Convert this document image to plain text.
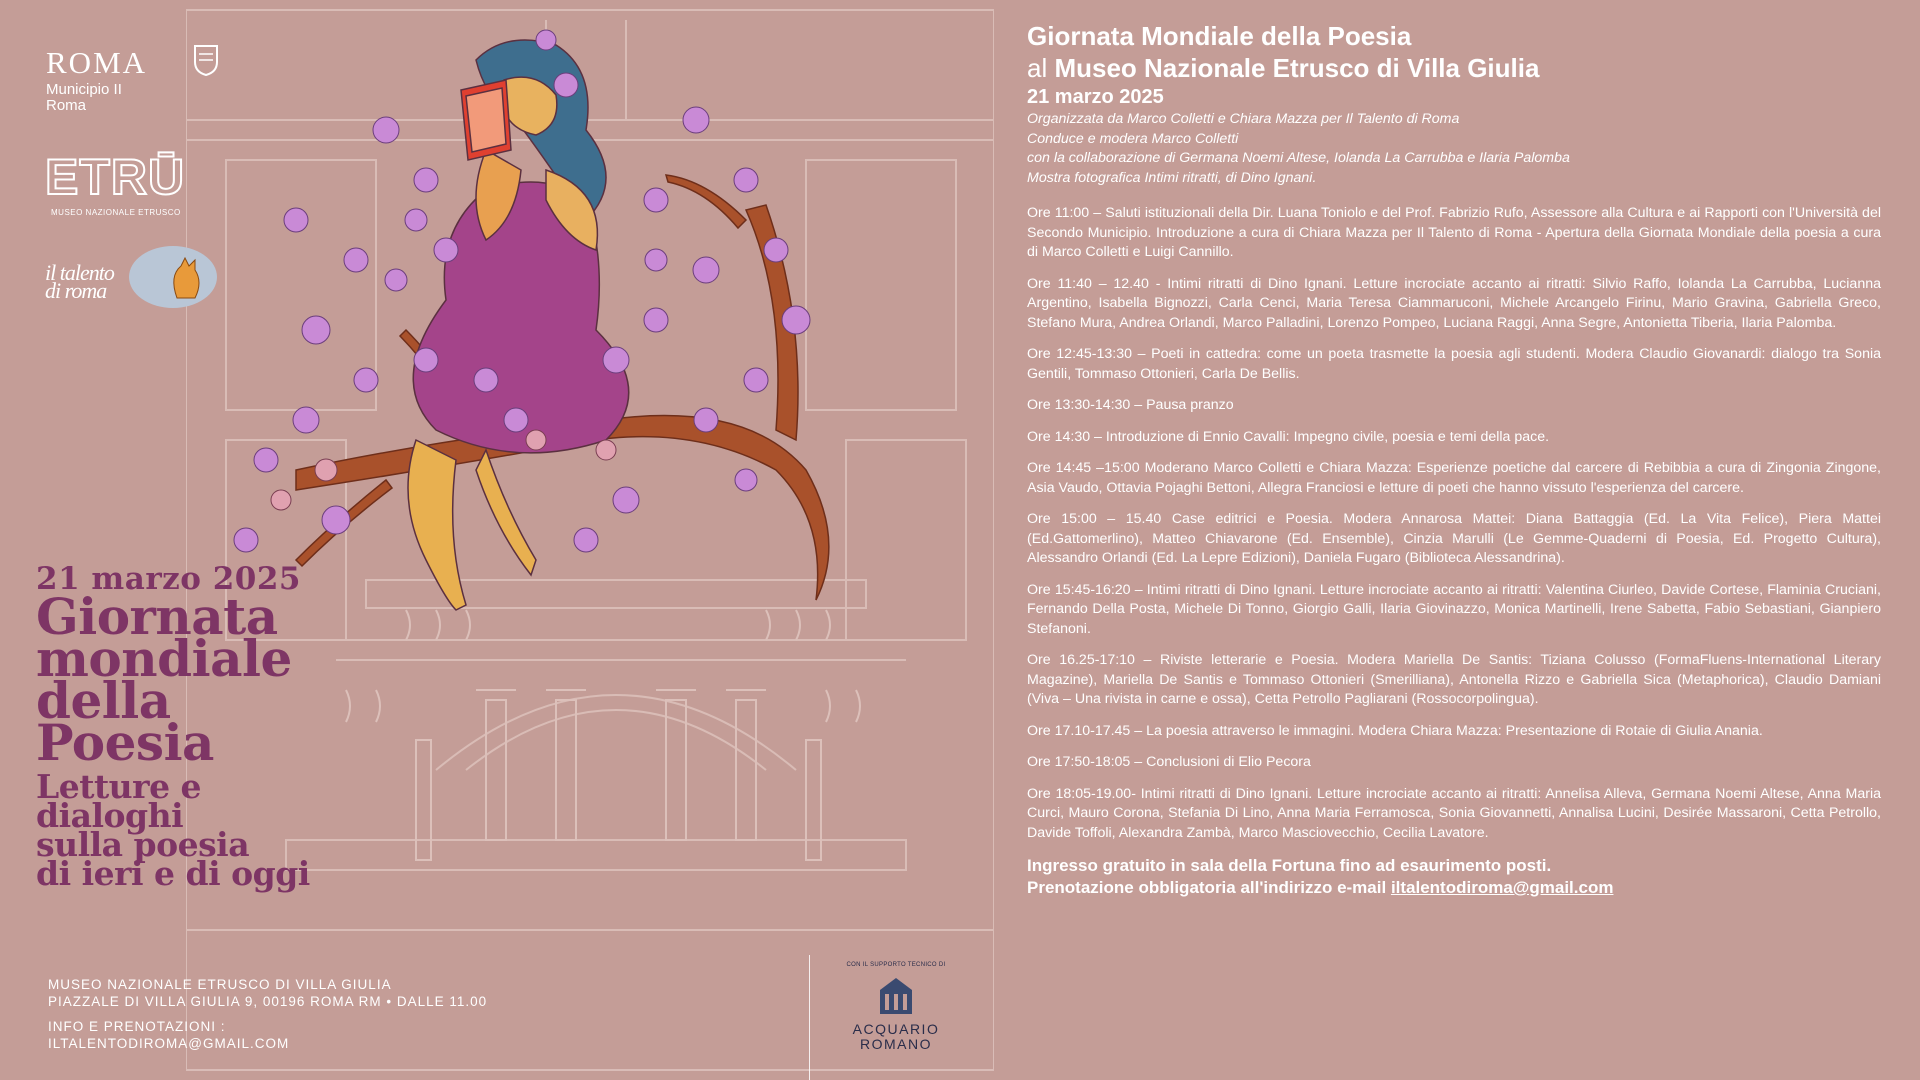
ROMA
Municipio II
Roma
ETRŪ
MUSEO NAZIONALE ETRUSCO
il talento
di roma
21 marzo 2025
Giornata
mondiale
della
Poesia
Letture e
dialoghi
sulla poesia
di ieri e di oggi
MUSEO NAZIONALE ETRUSCO DI VILLA GIULIA
PIAZZALE DI VILLA GIULIA 9, 00196 ROMA RM • DALLE 11.00
INFO E PRENOTAZIONI :
ILTALENTODIROMA@GMAIL.COM
CON IL SUPPORTO TECNICO DI
ACQUARIO
ROMANO
Giornata Mondiale della Poesia
al Museo Nazionale Etrusco di Villa Giulia
21 marzo 2025
Organizzata da Marco Colletti e Chiara Mazza per Il Talento di Roma
Conduce e modera Marco Colletti
con la collaborazione di Germana Noemi Altese, Iolanda La Carrubba e Ilaria Palomba
Mostra fotografica Intimi ritratti, di Dino Ignani.
Ore 11:00 – Saluti istituzionali della Dir. Luana Toniolo e del Prof. Fabrizio Rufo, Assessore alla Cultura e ai Rapporti con l'Università del Secondo Municipio. Introduzione a cura di Chiara Mazza per Il Talento di Roma - Apertura della Giornata Mondiale della poesia a cura di Marco Colletti e Luigi Cannillo.
Ore 11:40 – 12.40 - Intimi ritratti di Dino Ignani. Letture incrociate accanto ai ritratti: Silvio Raffo, Iolanda La Carrubba, Lucianna Argentino, Isabella Bignozzi, Carla Cenci, Maria Teresa Ciammaruconi, Michele Arcangelo Firinu, Mario Gravina, Gabriella Greco, Stefano Mura, Andrea Orlandi, Marco Palladini, Lorenzo Pompeo, Luciana Raggi, Anna Segre, Antonietta Tiberia, Ilaria Palomba.
Ore 12:45-13:30 – Poeti in cattedra: come un poeta trasmette la poesia agli studenti. Modera Claudio Giovanardi: dialogo tra Sonia Gentili, Tommaso Ottonieri, Carla De Bellis.
Ore 13:30-14:30 – Pausa pranzo
Ore 14:30 – Introduzione di Ennio Cavalli: Impegno civile, poesia e temi della pace.
Ore 14:45 –15:00 Moderano Marco Colletti e Chiara Mazza: Esperienze poetiche dal carcere di Rebibbia a cura di Zingonia Zingone, Asia Vaudo, Ottavia Pojaghi Bettoni, Allegra Franciosi e letture di poeti che hanno vissuto l'esperienza del carcere.
Ore 15:00 – 15.40 Case editrici e Poesia. Modera Annarosa Mattei: Diana Battaggia (Ed. La Vita Felice), Piera Mattei (Ed.Gattomerlino), Matteo Chiavarone (Ed. Ensemble), Cinzia Marulli (Le Gemme-Quaderni di Poesia, Ed. Progetto Cultura), Alessandro Orlandi (Ed. La Lepre Edizioni), Daniela Fugaro (Biblioteca Alessandrina).
Ore 15:45-16:20 – Intimi ritratti di Dino Ignani. Letture incrociate accanto ai ritratti: Valentina Ciurleo, Davide Cortese, Flaminia Cruciani, Fernando Della Posta, Michele Di Tonno, Giorgio Galli, Ilaria Giovinazzo, Monica Martinelli, Irene Sabetta, Fabio Sebastiani, Gianpiero Stefanoni.
Ore 16.25-17:10 – Riviste letterarie e Poesia. Modera Mariella De Santis: Tiziana Colusso (FormaFluens-International Literary Magazine), Mariella De Santis e Tommaso Ottonieri (Smerilliana), Antonella Rizzo e Gabriella Sica (Metaphorica), Claudio Damiani (Viva – Una rivista in carne e ossa), Cetta Petrollo Pagliarani (Rossocorpolingua).
Ore 17.10-17.45 – La poesia attraverso le immagini. Modera Chiara Mazza: Presentazione di Rotaie di Giulia Anania.
Ore 17:50-18:05 – Conclusioni di Elio Pecora
Ore 18:05-19.00- Intimi ritratti di Dino Ignani. Letture incrociate accanto ai ritratti: Annelisa Alleva, Germana Noemi Altese, Anna Maria Curci, Mauro Corona, Stefania Di Lino, Anna Maria Ferramosca, Sonia Giovannetti, Annalisa Lucini, Desirée Massaroni, Cetta Petrollo, Davide Toffoli, Alexandra Zambà, Marco Masciovecchio, Cecilia Lavatore.
Ingresso gratuito in sala della Fortuna fino ad esaurimento posti.
Prenotazione obbligatoria all'indirizzo e-mail iltalentodiroma@gmail.com
